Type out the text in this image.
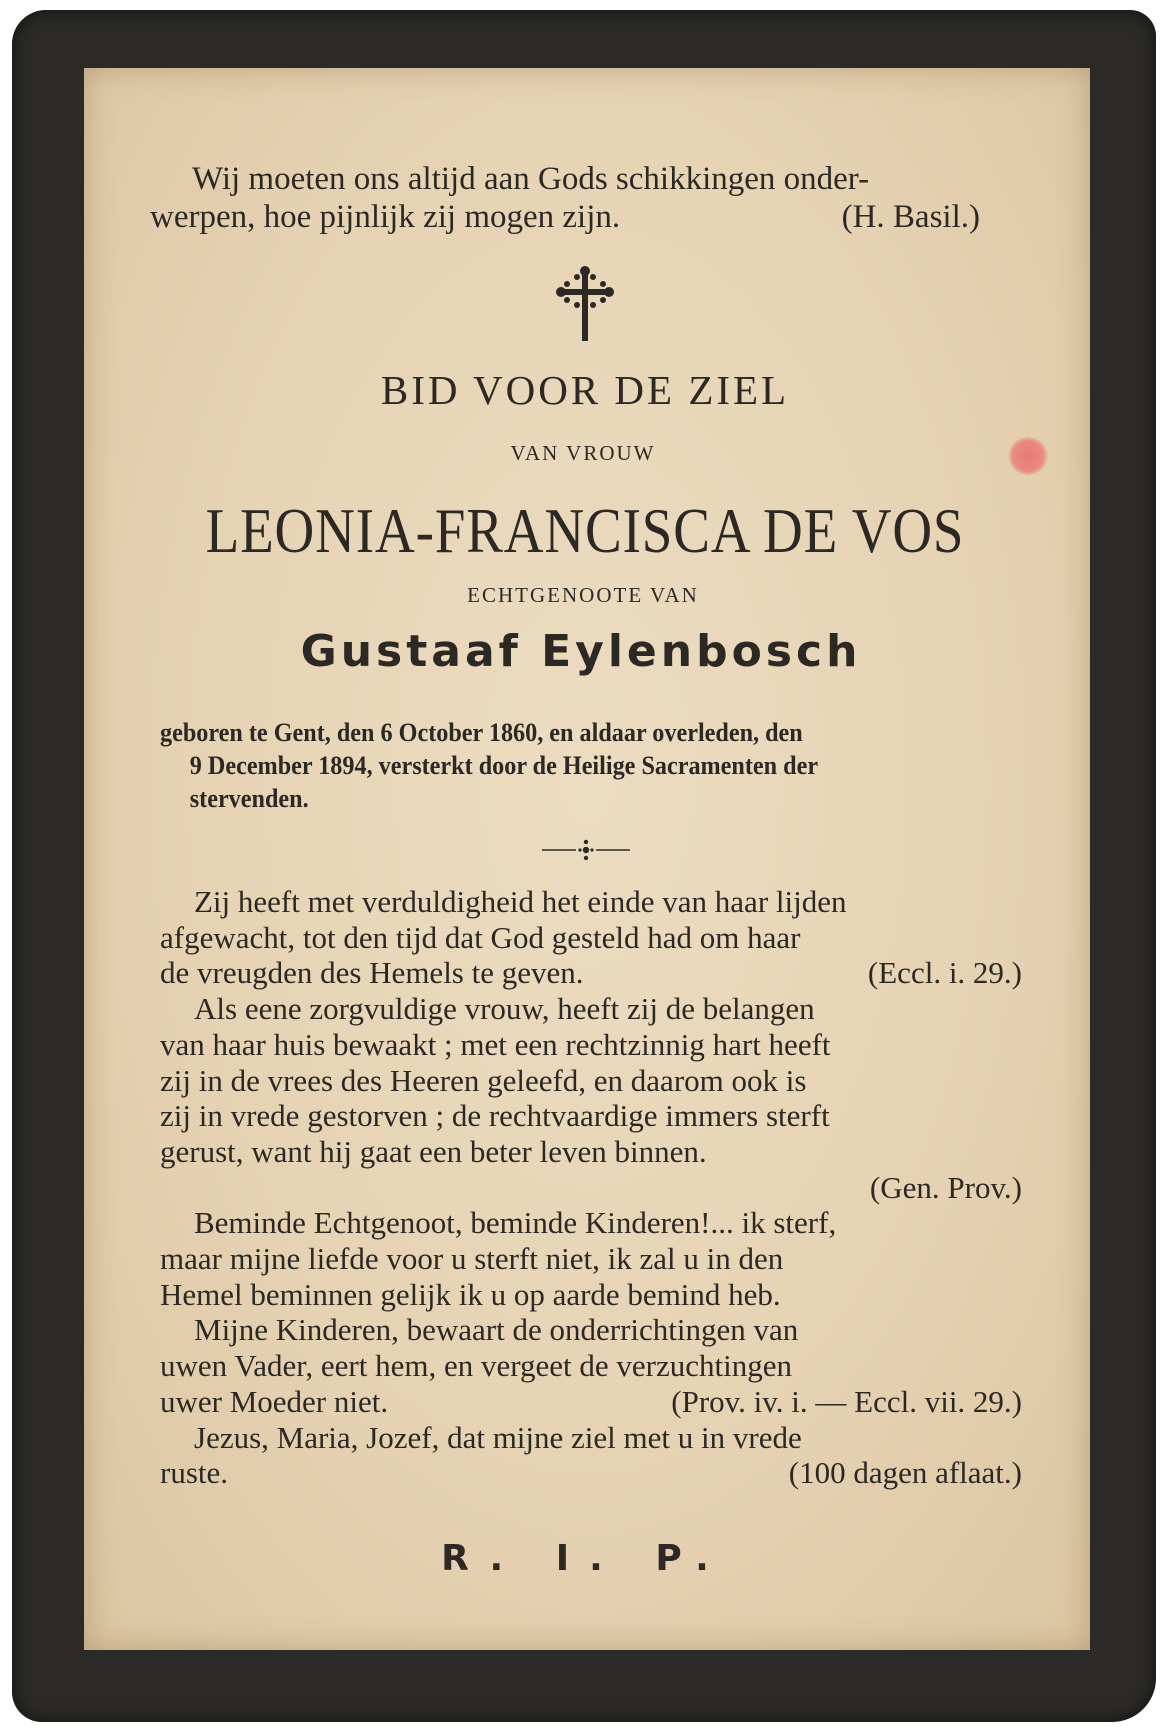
Wij moeten ons altijd aan Gods schikkingen onder-
werpen, hoe pijnlijk zij mogen zijn.	(H. Basil.)
BID VOOR DE ZIEL
VAN VROUW
LEONIA-FRANCISCA DE VOS
ECHTGENOOTE VAN
Gustaaf Eylenbosch
geboren te Gent, den 6 October 1860, en aldaar overleden, den
9 December 1894, versterkt door de Heilige Sacramenten der
stervenden.
Zij heeft met verduldigheid het einde van haar lijden
afgewacht, tot den tijd dat God gesteld had om haar
de vreugden des Hemels te geven.	(Eccl. i. 29.)
Als eene zorgvuldige vrouw, heeft zij de belangen
van haar huis bewaakt ; met een rechtzinnig hart heeft
zij in de vrees des Heeren geleefd, en daarom ook is
zij in vrede gestorven ; de rechtvaardige immers sterft
gerust, want hij gaat een beter leven binnen.
(Gen. Prov.)
Beminde Echtgenoot, beminde Kinderen!... ik sterf,
maar mijne liefde voor u sterft niet, ik zal u in den
Hemel beminnen gelijk ik u op aarde bemind heb.
Mijne Kinderen, bewaart de onderrichtingen van
uwen Vader, eert hem, en vergeet de verzuchtingen
uwer Moeder niet.	(Prov. iv. i. — Eccl. vii. 29.)
Jezus, Maria, Jozef, dat mijne ziel met u in vrede
ruste.	(100 dagen aflaat.)
R. I. P.
